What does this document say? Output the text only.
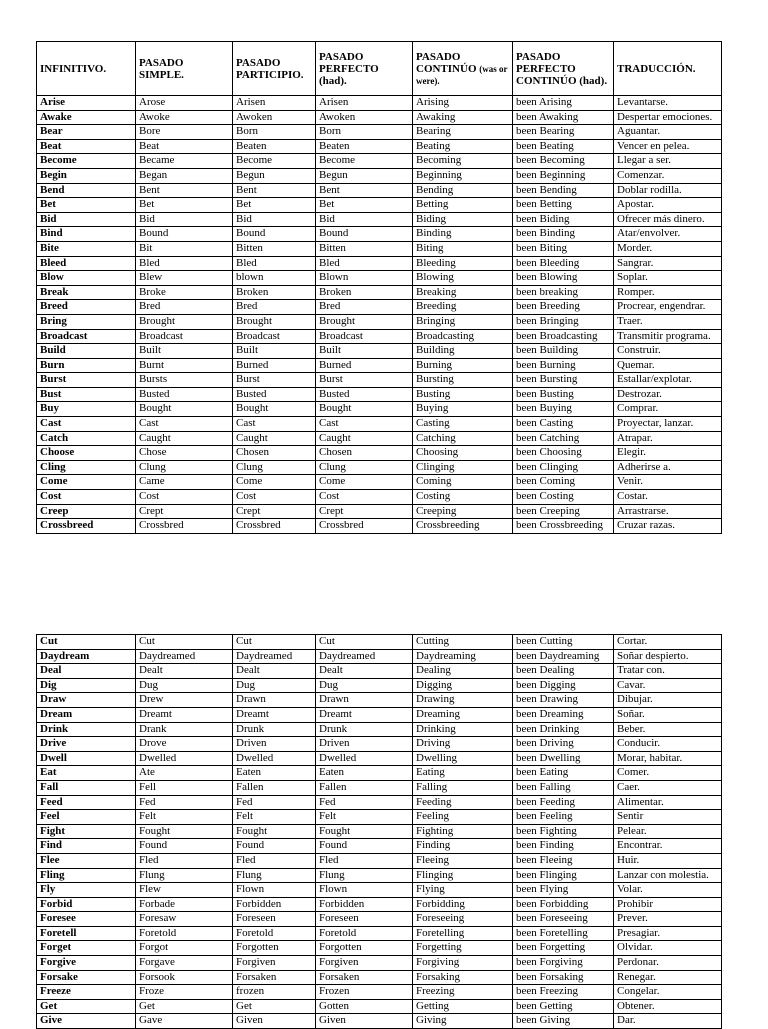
INFINITIVO.	PASADO SIMPLE.	PASADO PARTICIPIO.	PASADO PERFECTO (had).	PASADO CONTINÚO (was or were).	PASADO PERFECTO CONTINÚO (had).	TRADUCCIÓN.
Arise	Arose	Arisen	Arisen	Arising	been Arising	Levantarse.
Awake	Awoke	Awoken	Awoken	Awaking	been Awaking	Despertar emociones.
Bear	Bore	Born	Born	Bearing	been Bearing	Aguantar.
Beat	Beat	Beaten	Beaten	Beating	been Beating	Vencer en pelea.
Become	Became	Become	Become	Becoming	been Becoming	Llegar a ser.
Begin	Began	Begun	Begun	Beginning	been Beginning	Comenzar.
Bend	Bent	Bent	Bent	Bending	been Bending	Doblar rodilla.
Bet	Bet	Bet	Bet	Betting	been Betting	Apostar.
Bid	Bid	Bid	Bid	Biding	been Biding	Ofrecer más dinero.
Bind	Bound	Bound	Bound	Binding	been Binding	Atar/envolver.
Bite	Bit	Bitten	Bitten	Biting	been Biting	Morder.
Bleed	Bled	Bled	Bled	Bleeding	been Bleeding	Sangrar.
Blow	Blew	blown	Blown	Blowing	been Blowing	Soplar.
Break	Broke	Broken	Broken	Breaking	been breaking	Romper.
Breed	Bred	Bred	Bred	Breeding	been Breeding	Procrear, engendrar.
Bring	Brought	Brought	Brought	Bringing	been Bringing	Traer.
Broadcast	Broadcast	Broadcast	Broadcast	Broadcasting	been Broadcasting	Transmitir programa.
Build	Built	Built	Built	Building	been Building	Construir.
Burn	Burnt	Burned	Burned	Burning	been Burning	Quemar.
Burst	Bursts	Burst	Burst	Bursting	been Bursting	Estallar/explotar.
Bust	Busted	Busted	Busted	Busting	been Busting	Destrozar.
Buy	Bought	Bought	Bought	Buying	been Buying	Comprar.
Cast	Cast	Cast	Cast	Casting	been Casting	Proyectar, lanzar.
Catch	Caught	Caught	Caught	Catching	been Catching	Atrapar.
Choose	Chose	Chosen	Chosen	Choosing	been Choosing	Elegir.
Cling	Clung	Clung	Clung	Clinging	been Clinging	Adherirse a.
Come	Came	Come	Come	Coming	been Coming	Venir.
Cost	Cost	Cost	Cost	Costing	been Costing	Costar.
Creep	Crept	Crept	Crept	Creeping	been Creeping	Arrastrarse.
Crossbreed	Crossbred	Crossbred	Crossbred	Crossbreeding	been Crossbreeding	Cruzar razas.
Cut	Cut	Cut	Cut	Cutting	been Cutting	Cortar.
Daydream	Daydreamed	Daydreamed	Daydreamed	Daydreaming	been Daydreaming	Soñar despierto.
Deal	Dealt	Dealt	Dealt	Dealing	been Dealing	Tratar con.
Dig	Dug	Dug	Dug	Digging	been Digging	Cavar.
Draw	Drew	Drawn	Drawn	Drawing	been Drawing	Dibujar.
Dream	Dreamt	Dreamt	Dreamt	Dreaming	been Dreaming	Soñar.
Drink	Drank	Drunk	Drunk	Drinking	been Drinking	Beber.
Drive	Drove	Driven	Driven	Driving	been Driving	Conducir.
Dwell	Dwelled	Dwelled	Dwelled	Dwelling	been Dwelling	Morar, habitar.
Eat	Ate	Eaten	Eaten	Eating	been Eating	Comer.
Fall	Fell	Fallen	Fallen	Falling	been Falling	Caer.
Feed	Fed	Fed	Fed	Feeding	been Feeding	Alimentar.
Feel	Felt	Felt	Felt	Feeling	been Feeling	Sentir
Fight	Fought	Fought	Fought	Fighting	been Fighting	Pelear.
Find	Found	Found	Found	Finding	been Finding	Encontrar.
Flee	Fled	Fled	Fled	Fleeing	been Fleeing	Huir.
Fling	Flung	Flung	Flung	Flinging	been Flinging	Lanzar con molestia.
Fly	Flew	Flown	Flown	Flying	been Flying	Volar.
Forbid	Forbade	Forbidden	Forbidden	Forbidding	been Forbidding	Prohibir
Foresee	Foresaw	Foreseen	Foreseen	Foreseeing	been Foreseeing	Prever.
Foretell	Foretold	Foretold	Foretold	Foretelling	been Foretelling	Presagiar.
Forget	Forgot	Forgotten	Forgotten	Forgetting	been Forgetting	Olvidar.
Forgive	Forgave	Forgiven	Forgiven	Forgiving	been Forgiving	Perdonar.
Forsake	Forsook	Forsaken	Forsaken	Forsaking	been Forsaking	Renegar.
Freeze	Froze	frozen	Frozen	Freezing	been Freezing	Congelar.
Get	Get	Get	Gotten	Getting	been Getting	Obtener.
Give	Gave	Given	Given	Giving	been Giving	Dar.
